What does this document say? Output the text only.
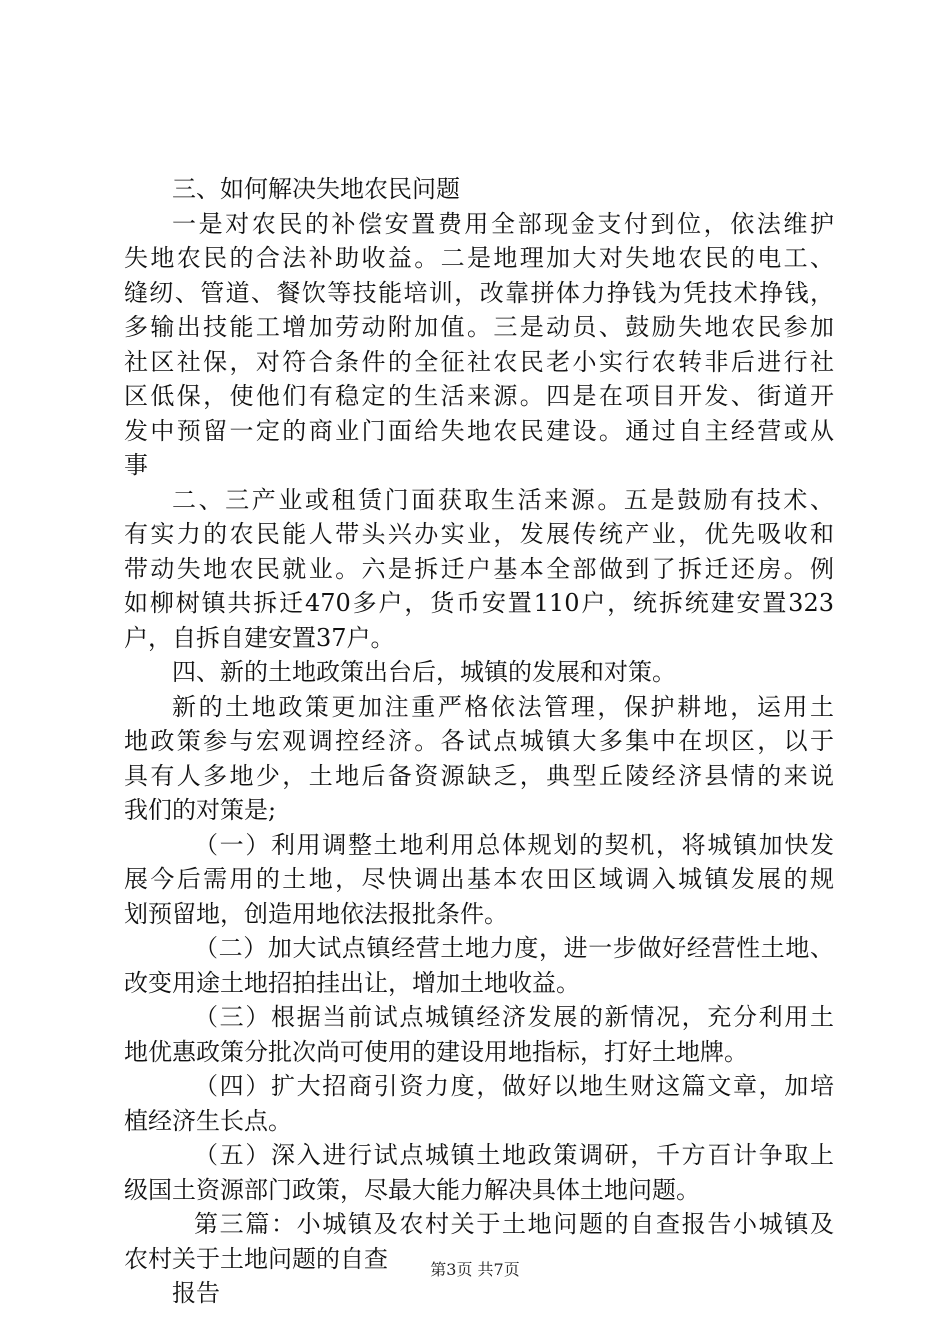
三、如何解决失地农民问题
一是对农民的补偿安置费用全部现金支付到位，依法维护
失地农民的合法补助收益。二是地理加大对失地农民的电工、
缝纫、管道、餐饮等技能培训，改靠拼体力挣钱为凭技术挣钱，
多输出技能工增加劳动附加值。三是动员、鼓励失地农民参加
社区社保，对符合条件的全征社农民老小实行农转非后进行社
区低保，使他们有稳定的生活来源。四是在项目开发、街道开
发中预留一定的商业门面给失地农民建设。通过自主经营或从
事
二、三产业或租赁门面获取生活来源。五是鼓励有技术、
有实力的农民能人带头兴办实业，发展传统产业，优先吸收和
带动失地农民就业。六是拆迁户基本全部做到了拆迁还房。例
如柳树镇共拆迁470多户，货币安置110户，统拆统建安置323
户，自拆自建安置37户。
四、新的土地政策出台后，城镇的发展和对策。
新的土地政策更加注重严格依法管理，保护耕地，运用土
地政策参与宏观调控经济。各试点城镇大多集中在坝区，以于
具有人多地少，土地后备资源缺乏，典型丘陵经济县情的来说
我们的对策是;
（一）利用调整土地利用总体规划的契机，将城镇加快发
展今后需用的土地，尽快调出基本农田区域调入城镇发展的规
划预留地，创造用地依法报批条件。
（二）加大试点镇经营土地力度，进一步做好经营性土地、
改变用途土地招拍挂出让，增加土地收益。
（三）根据当前试点城镇经济发展的新情况，充分利用土
地优惠政策分批次尚可使用的建设用地指标，打好土地牌。
（四）扩大招商引资力度，做好以地生财这篇文章，加培
植经济生长点。
（五）深入进行试点城镇土地政策调研，千方百计争取上
级国土资源部门政策，尽最大能力解决具体土地问题。
第三篇：小城镇及农村关于土地问题的自查报告小城镇及
农村关于土地问题的自查
报告
第3页 共7页
